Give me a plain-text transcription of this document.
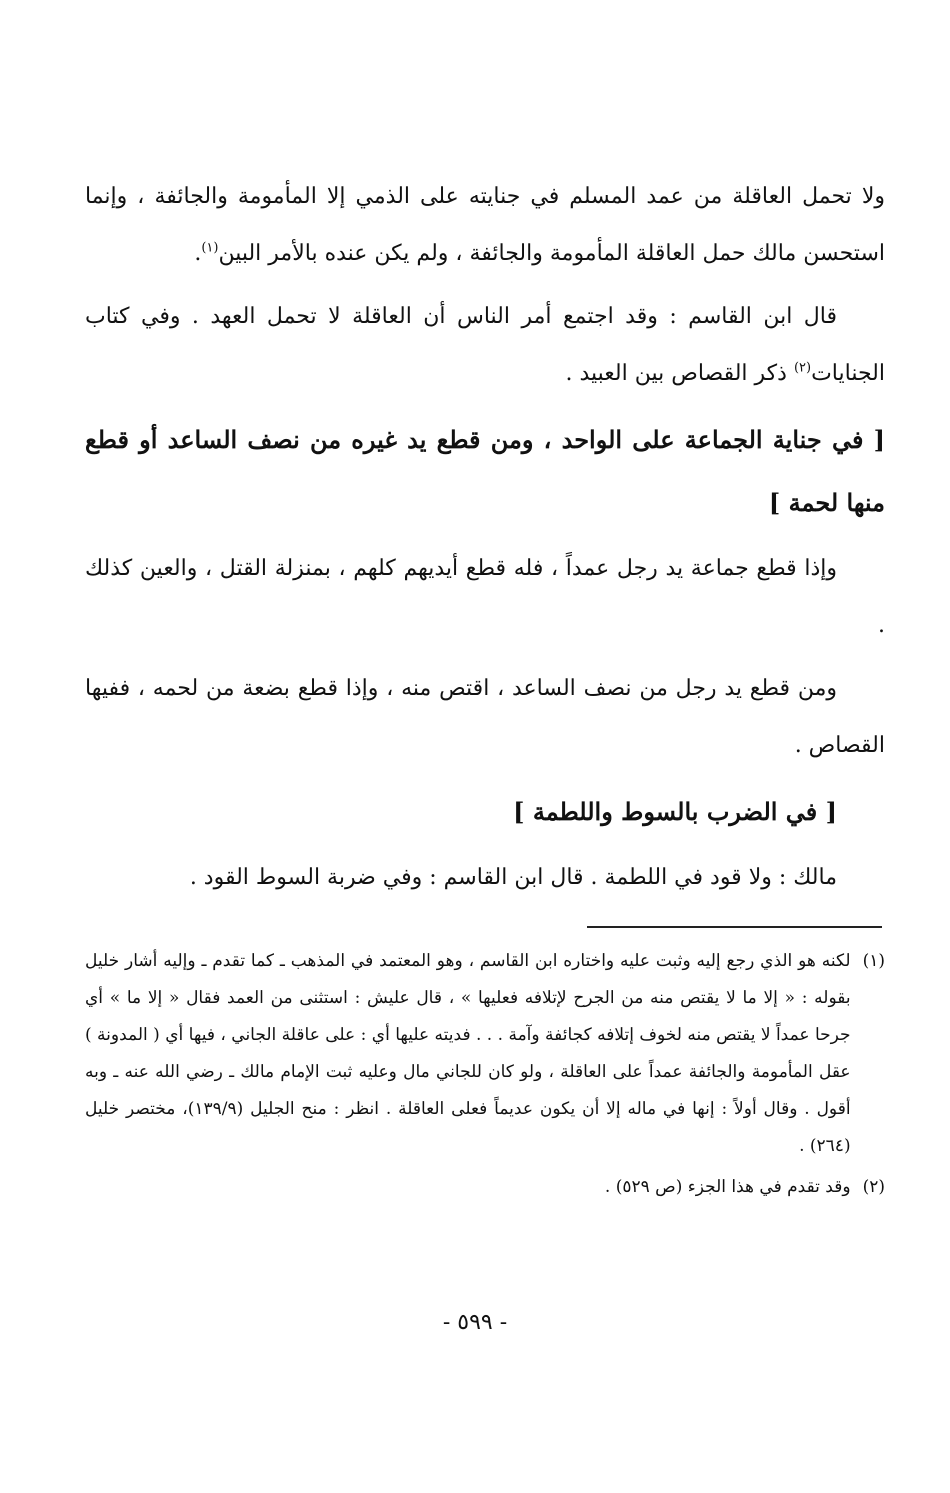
ولا تحمل العاقلة من عمد المسلم في جنايته على الذمي إلا المأمومة والجائفة ، وإنما استحسن مالك حمل العاقلة المأمومة والجائفة ، ولم يكن عنده بالأمر البين$^{(١)}$.

قال ابن القاسم : وقد اجتمع أمر الناس أن العاقلة لا تحمل العهد . وفي كتاب الجنايات$^{(٢)}$ ذكر القصاص بين العبيد .

[ في جناية الجماعة على الواحد ، ومن قطع يد غيره من نصف الساعد أو قطع منها لحمة ]

وإذا قطع جماعة يد رجل عمداً ، فله قطع أيديهم كلهم ، بمنزلة القتل ، والعين كذلك .

ومن قطع يد رجل من نصف الساعد ، اقتص منه ، وإذا قطع بضعة من لحمه ، ففيها القصاص .

[ في الضرب بالسوط واللطمة ]

مالك : ولا قود في اللطمة . قال ابن القاسم : وفي ضربة السوط القود .

(١)
لكنه هو الذي رجع إليه وثبت عليه واختاره ابن القاسم ، وهو المعتمد في المذهب ـ كما تقدم ـ وإليه أشار خليل بقوله : « إلا ما لا يقتص منه من الجرح لإتلافه فعليها » ، قال عليش : استثنى من العمد فقال « إلا ما » أي جرحا عمداً لا يقتص منه لخوف إتلافه كجائفة وآمة . . . فديته عليها أي : على عاقلة الجاني ، فيها أي ( المدونة ) عقل المأمومة والجائفة عمداً على العاقلة ، ولو كان للجاني مال وعليه ثبت الإمام مالك ـ رضي الله عنه ـ وبه أقول . وقال أولاً : إنها في ماله إلا أن يكون عديماً فعلى العاقلة . انظر : منح الجليل (١٣٩/٩)، مختصر خليل (٢٦٤) .
(٢)
وقد تقدم في هذا الجزء (ص ٥٢٩) .
- ٥٩٩ -
